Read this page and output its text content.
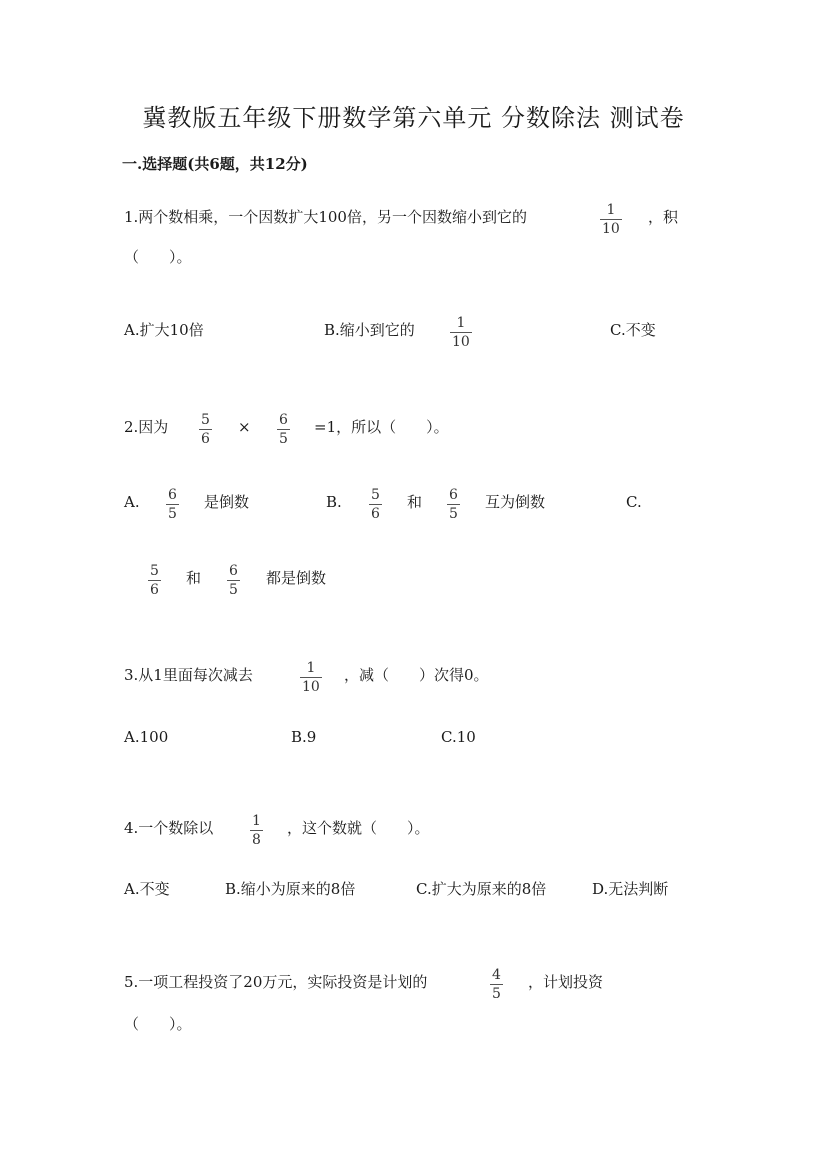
冀教版五年级下册数学第六单元 分数除法 测试卷
一.选择题(共6题，共12分)
1.两个数相乘，一个因数扩大100倍，另一个因数缩小到它的	1
10
，积
（　　）。
A.扩大10倍	B.缩小到它的	1
10
C.不变
2.因为 5
6
× 6
5
=1，所以（　　）。
A. 6
5
是倒数	B. 5
6
和 6
5
互为倒数	C.
5
6
和 6
5
都是倒数
3.从1里面每次减去	1
10
，减（　　）次得0。
A.100	B.9	C.10
4.一个数除以	1
8
，这个数就（　　）。
A.不变	B.缩小为原来的8倍	C.扩大为原来的8倍	D.无法判断
5.一项工程投资了20万元，实际投资是计划的	4
5
，计划投资
（　　）。
